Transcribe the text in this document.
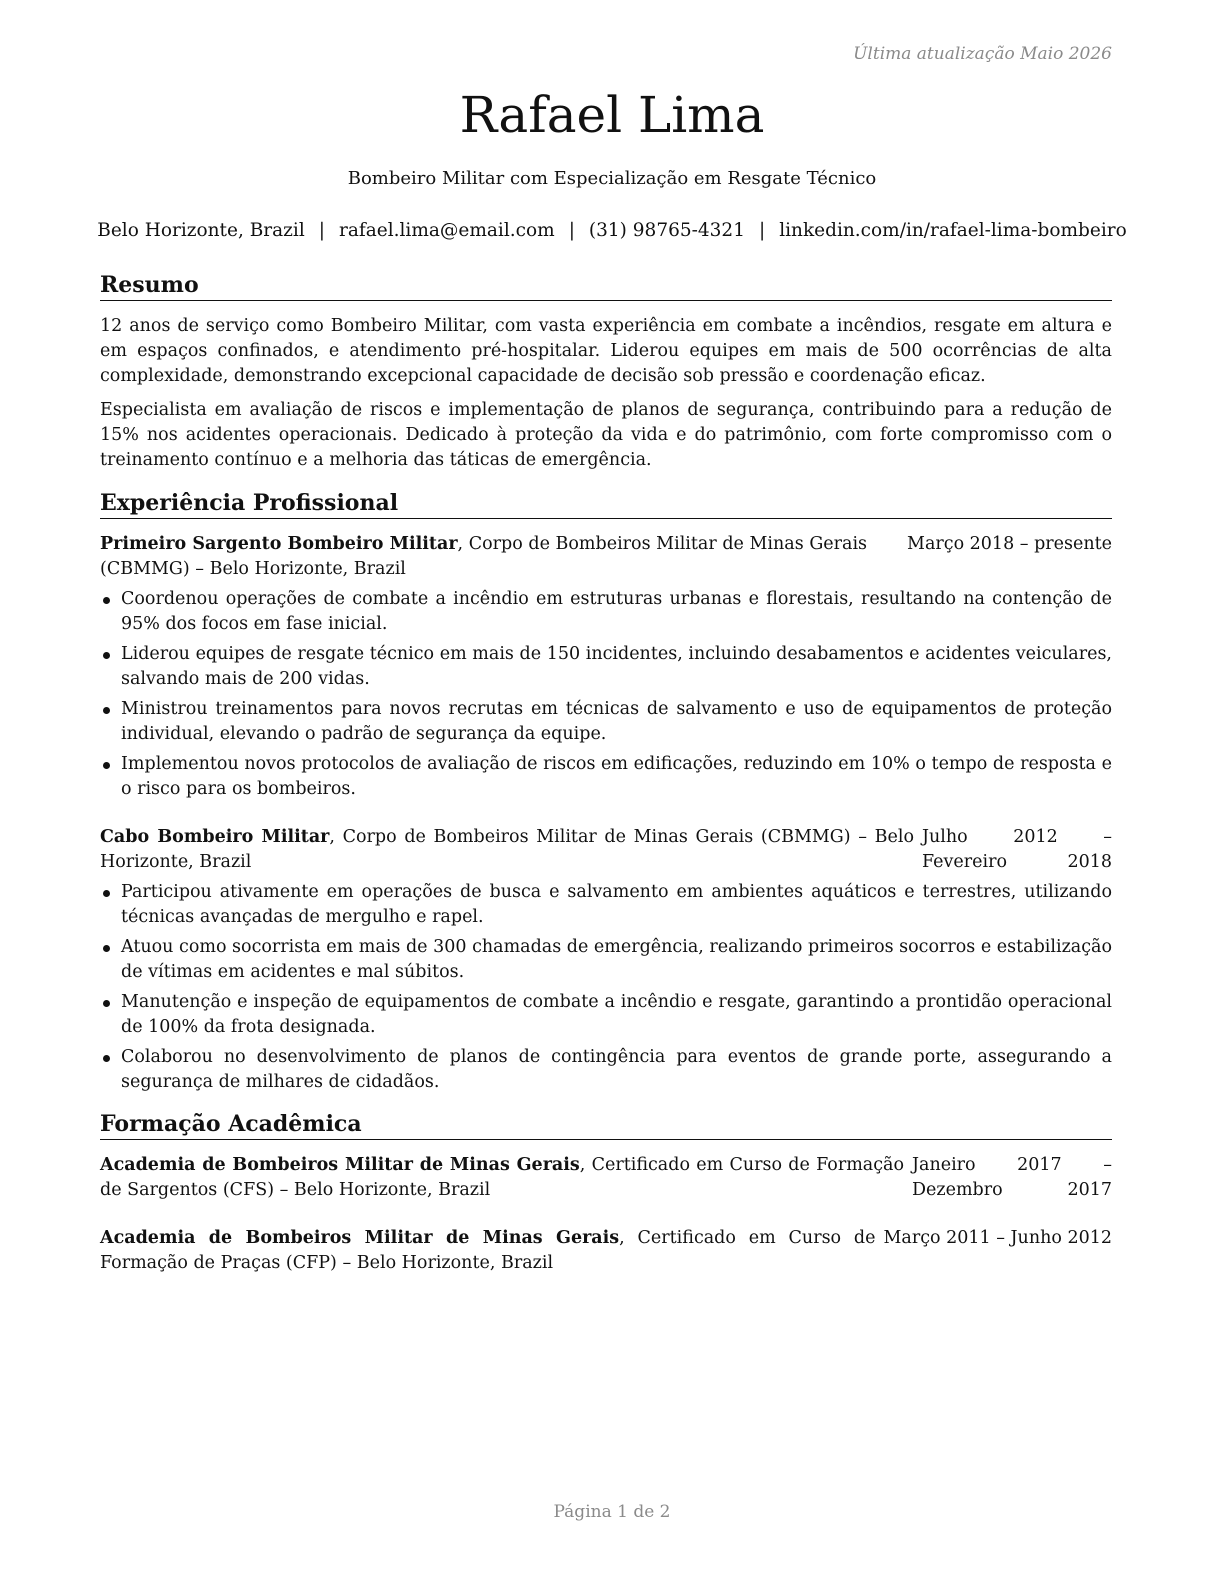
Última atualização Maio 2026
Rafael Lima
Bombeiro Militar com Especialização em Resgate Técnico
Belo Horizonte, Brazil | rafael.lima@email.com | (31) 98765-4321 | linkedin.com/in/rafael-lima-bombeiro
Resumo

12 anos de serviço como Bombeiro Militar, com vasta experiência em combate a incêndios, resgate em altura e em espaços confinados, e atendimento pré-hospitalar. Liderou equipes em mais de 500 ocorrências de alta complexidade, demonstrando excepcional capacidade de decisão sob pressão e coordenação eficaz.

Especialista em avaliação de riscos e implementação de planos de segurança, contribuindo para a redução de 15% nos acidentes operacionais. Dedicado à proteção da vida e do patrimônio, com forte compromisso com o treinamento contínuo e a melhoria das táticas de emergência.

Experiência Profissional
Primeiro Sargento Bombeiro Militar, Corpo de Bombeiros Militar de Minas Gerais (CBMMG) – Belo Horizonte, Brazil
Março 2018 – presente
Coordenou operações de combate a incêndio em estruturas urbanas e florestais, resultando na contenção de 95% dos focos em fase inicial.
Liderou equipes de resgate técnico em mais de 150 incidentes, incluindo desabamentos e acidentes veiculares, salvando mais de 200 vidas.
Ministrou treinamentos para novos recrutas em técnicas de salvamento e uso de equipamentos de proteção individual, elevando o padrão de segurança da equipe.
Implementou novos protocolos de avaliação de riscos em edificações, reduzindo em 10% o tempo de resposta e o risco para os bombeiros.
Cabo Bombeiro Militar, Corpo de Bombeiros Militar de Minas Gerais (CBMMG) – Belo Horizonte, Brazil
Julho 2012 – Fevereiro 2018
Participou ativamente em operações de busca e salvamento em ambientes aquáticos e terrestres, utilizando técnicas avançadas de mergulho e rapel.
Atuou como socorrista em mais de 300 chamadas de emergência, realizando primeiros socorros e estabilização de vítimas em acidentes e mal súbitos.
Manutenção e inspeção de equipamentos de combate a incêndio e resgate, garantindo a prontidão operacional de 100% da frota designada.
Colaborou no desenvolvimento de planos de contingência para eventos de grande porte, assegurando a segurança de milhares de cidadãos.
Formação Acadêmica
Academia de Bombeiros Militar de Minas Gerais, Certificado em Curso de Formação de Sargentos (CFS) – Belo Horizonte, Brazil
Janeiro 2017 – Dezembro 2017
Academia de Bombeiros Militar de Minas Gerais, Certificado em Curso de Formação de Praças (CFP) – Belo Horizonte, Brazil
Março 2011 – Junho 2012
Página 1 de 2
